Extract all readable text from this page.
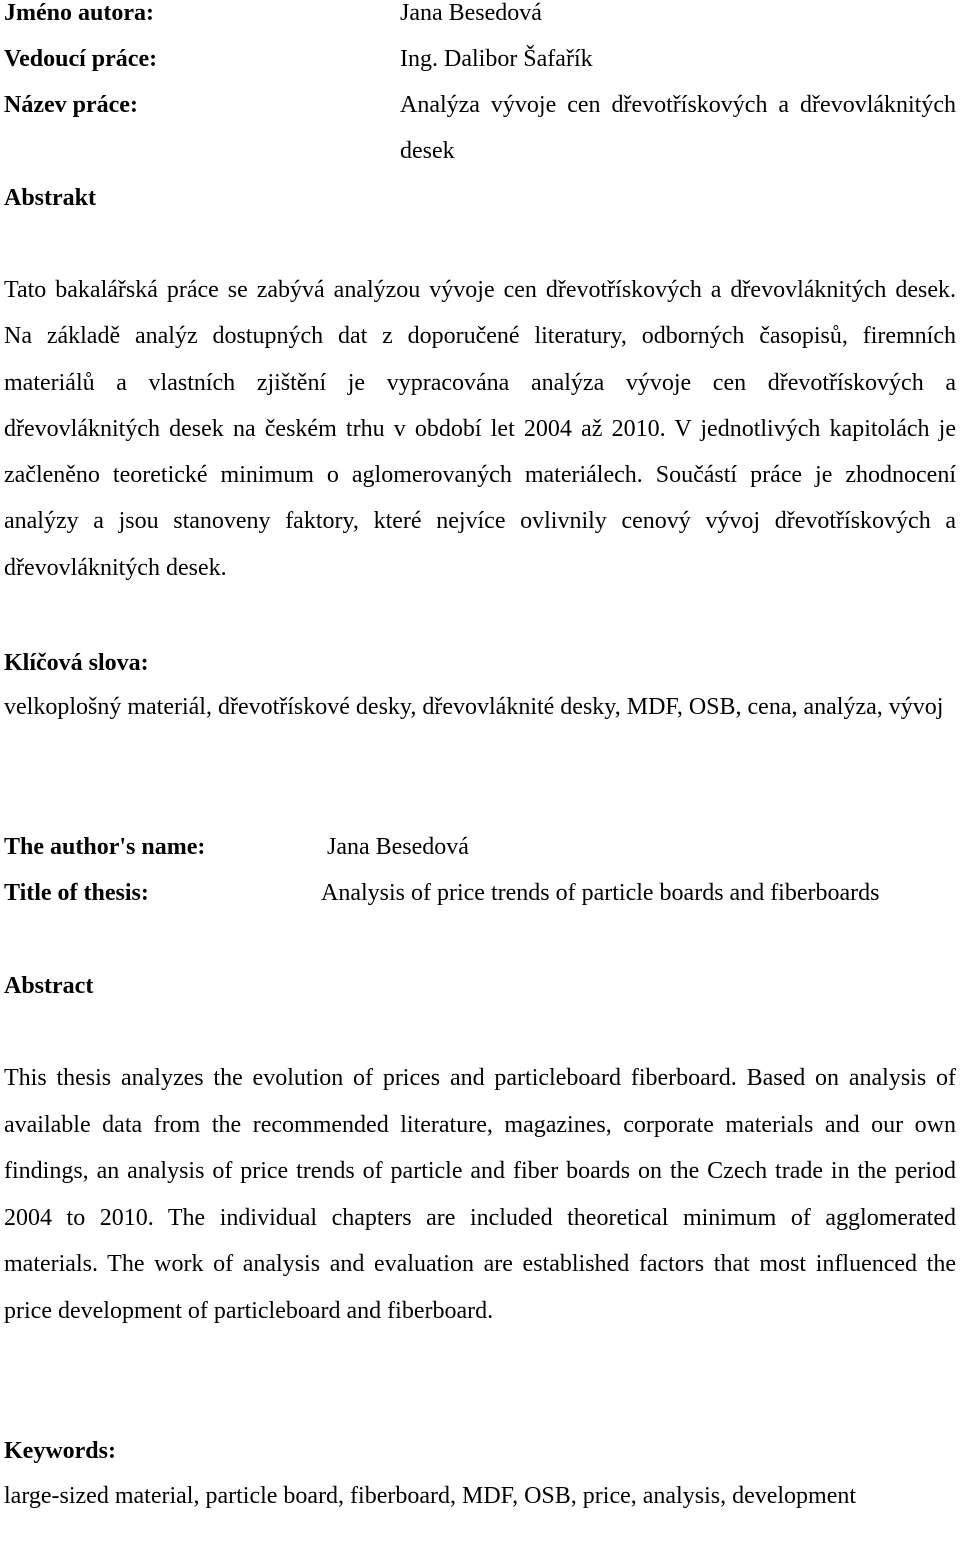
Jméno autora:	Jana Besedová
Vedoucí práce:	Ing. Dalibor Šafařík
Název práce:	Analýza vývoje cen dřevotřískových a dřevovláknitých desek
Abstrakt
Tato bakalářská práce se zabývá analýzou vývoje cen dřevotřískových a dřevovláknitých desek. Na základě analýz dostupných dat z doporučené literatury, odborných časopisů, firemních materiálů a vlastních zjištění je vypracována analýza vývoje cen dřevotřískových a dřevovláknitých desek na českém trhu v období let 2004 až 2010. V jednotlivých kapitolách je začleněno teoretické minimum o aglomerovaných materiálech. Součástí práce je zhodnocení analýzy a jsou stanoveny faktory, které nejvíce ovlivnily cenový vývoj dřevotřískových a dřevovláknitých desek.
Klíčová slova:
velkoplošný materiál, dřevotřískové desky, dřevovláknité desky, MDF, OSB, cena, analýza, vývoj
The author's name:	Jana Besedová
Title of thesis:	Analysis of price trends of particle boards and fiberboards
Abstract
This thesis analyzes the evolution of prices and particleboard fiberboard. Based on analysis of available data from the recommended literature, magazines, corporate materials and our own findings, an analysis of price trends of particle and fiber boards on the Czech trade in the period 2004 to 2010. The individual chapters are included theoretical minimum of agglomerated materials. The work of analysis and evaluation are established factors that most influenced the price development of particleboard and fiberboard.
Keywords:
large-sized material, particle board, fiberboard, MDF, OSB, price, analysis, development
